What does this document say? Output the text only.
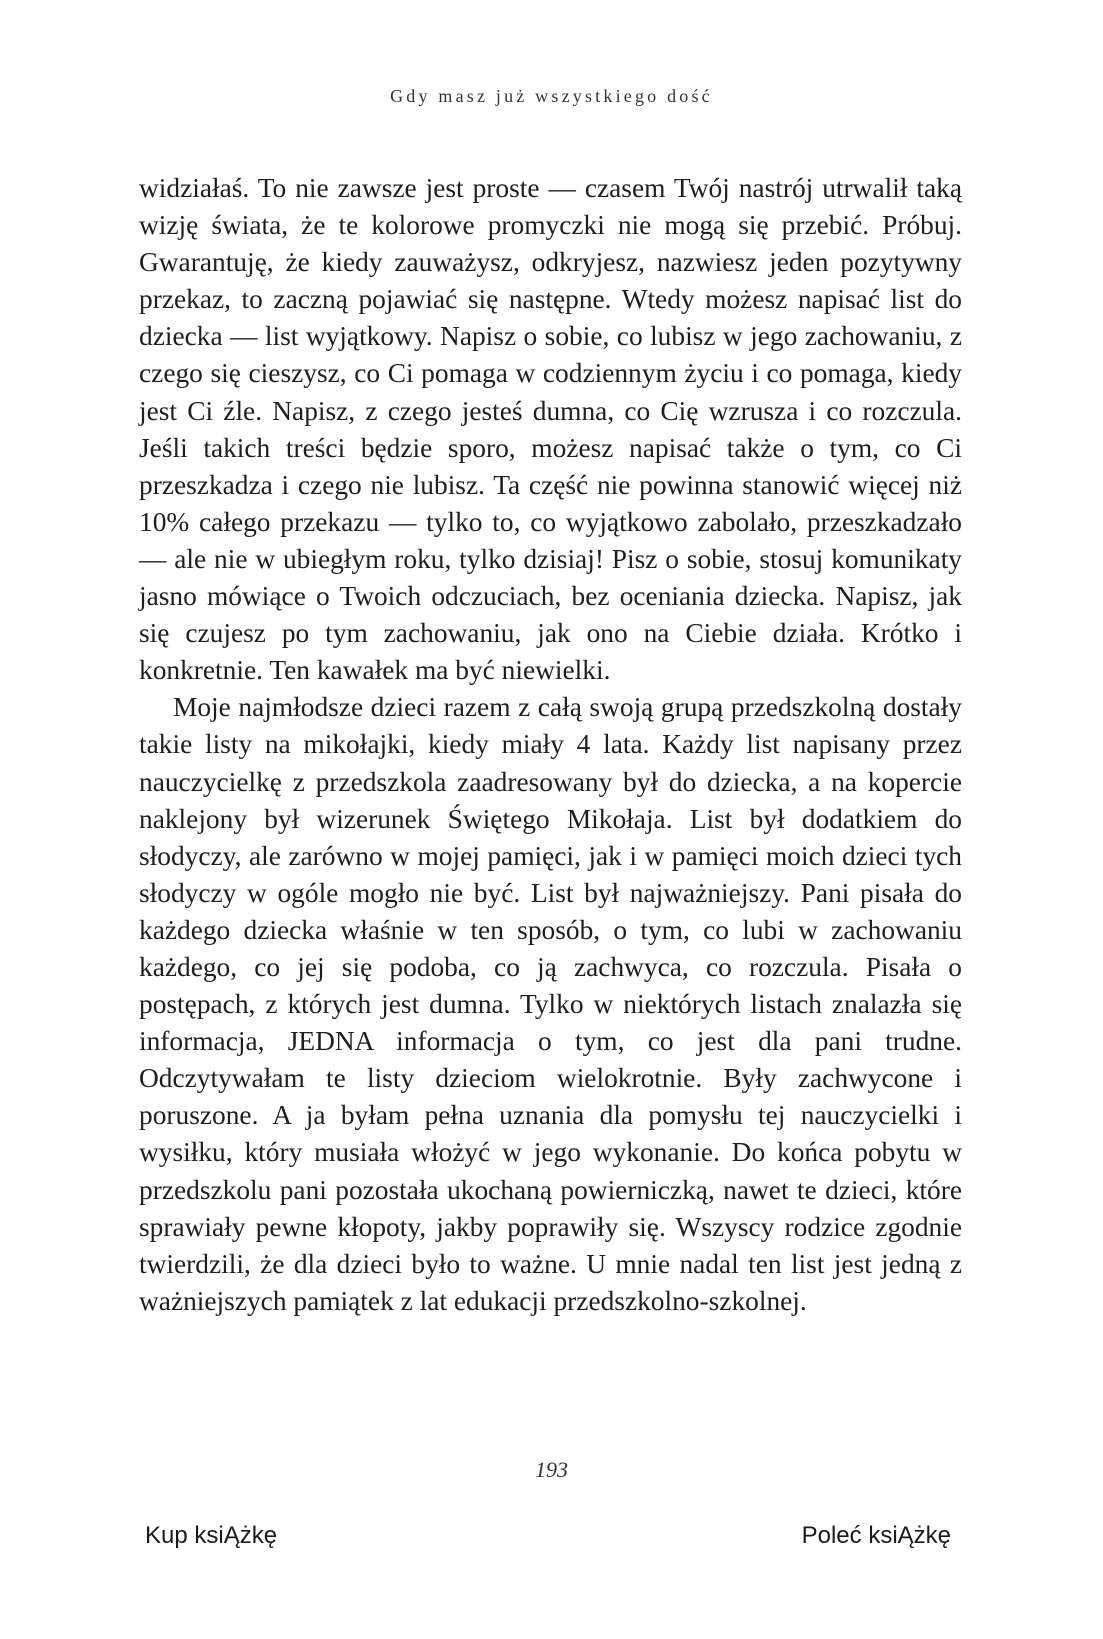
Gdy masz już wszystkiego dość

widziałaś. To nie zawsze jest proste — czasem Twój nastrój utrwalił taką wizję świata, że te kolorowe promyczki nie mogą się przebić. Próbuj. Gwarantuję, że kiedy zauważysz, odkryjesz, nazwiesz jeden pozytywny przekaz, to zaczną pojawiać się następne. Wtedy możesz napisać list do dziecka — list wyjątkowy. Napisz o sobie, co lubisz w jego zachowaniu, z czego się cieszysz, co Ci pomaga w codziennym życiu i co pomaga, kiedy jest Ci źle. Napisz, z czego jesteś dumna, co Cię wzrusza i co rozczula. Jeśli takich treści będzie sporo, możesz napisać także o tym, co Ci przeszkadza i czego nie lubisz. Ta część nie powinna stanowić więcej niż 10% całego przekazu — tylko to, co wyjątkowo zabolało, przeszkadzało — ale nie w ubiegłym roku, tylko dzisiaj! Pisz o sobie, stosuj komunikaty jasno mówiące o Twoich odczuciach, bez oceniania dziecka. Napisz, jak się czujesz po tym zachowaniu, jak ono na Ciebie działa. Krótko i konkretnie. Ten kawałek ma być niewielki.

Moje najmłodsze dzieci razem z całą swoją grupą przedszkolną dostały takie listy na mikołajki, kiedy miały 4 lata. Każdy list napisany przez nauczycielkę z przedszkola zaadresowany był do dziecka, a na kopercie naklejony był wizerunek Świętego Mikołaja. List był dodatkiem do słodyczy, ale zarówno w mojej pamięci, jak i w pamięci moich dzieci tych słodyczy w ogóle mogło nie być. List był najważniejszy. Pani pisała do każdego dziecka właśnie w ten sposób, o tym, co lubi w zachowaniu każdego, co jej się podoba, co ją zachwyca, co rozczula. Pisała o postępach, z których jest dumna. Tylko w niektórych listach znalazła się informacja, JEDNA informacja o tym, co jest dla pani trudne. Odczytywałam te listy dzieciom wielokrotnie. Były zachwycone i poruszone. A ja byłam pełna uznania dla pomysłu tej nauczycielki i wysiłku, który musiała włożyć w jego wykonanie. Do końca pobytu w przedszkolu pani pozostała ukochaną powierniczką, nawet te dzieci, które sprawiały pewne kłopoty, jakby poprawiły się. Wszyscy rodzice zgodnie twierdzili, że dla dzieci było to ważne. U mnie nadal ten list jest jedną z ważniejszych pamiątek z lat edukacji przedszkolno-szkolnej.

193
Kup ksiĄżkę	Poleć ksiĄżkę
